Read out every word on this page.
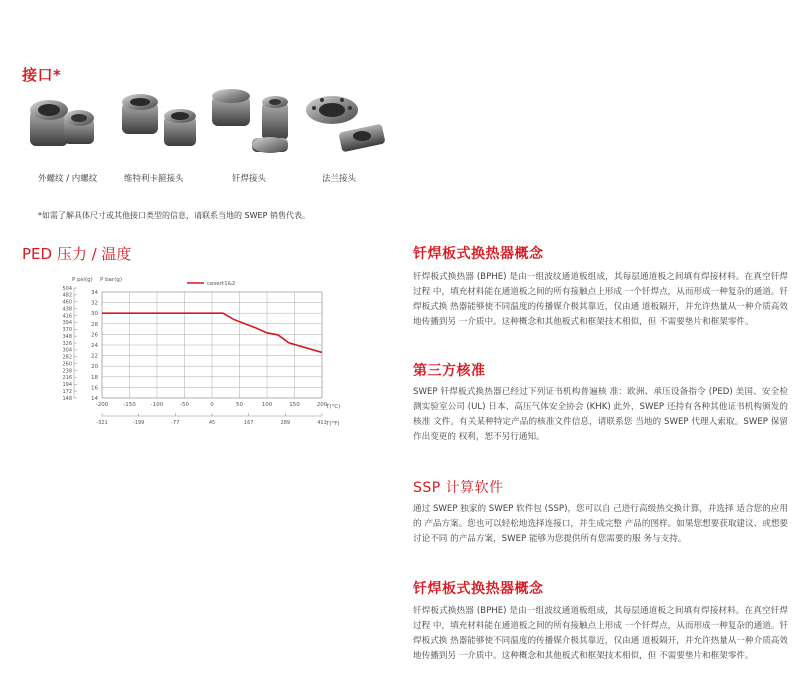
接口*
外螺纹 / 内螺纹	维特利卡箍接头	钎焊接头	法兰接头
*如需了解具体尺寸或其他接口类型的信息，请联系当地的 SWEP 销售代表。
PED 压力 / 温度
P psi(g) P bar(g)
T(°C)
T(°F)
-200	-150	-100	-50	0	50	100	150	200
34
32
30
28
26
24
22
20
18
16
14
-321	-199	-77	45	167	289	411
504
482
460
438
416
394
370
348
326
304
282
260
238
216
194
172
148
cesert1&2
钎焊板式换热器概念

钎焊板式换热器 (BPHE) 是由一组波纹通道板组成，其每层通道板之间填有焊接材料。在真空钎焊过程 中，填充材料能在通道板之间的所有接触点上形成 一个钎焊点，从而形成一种复杂的通道。钎焊板式换 热器能够使不同温度的传播媒介极其靠近，仅由通 道板隔开，并允许热量从一种介质高效地传播到另 一介质中。这种概念和其他板式和框架技术相似，但 不需要垫片和框架零件。

第三方核准

SWEP 钎焊板式换热器已经过下列证书机构普遍核 准：欧洲、承压设备指令 (PED) 美国、安全检测实验室公司 (UL) 日本、高压气体安全协会 (KHK) 此外，SWEP 还持有各种其他证书机构颁发的核准 文件。有关某种特定产品的核准文件信息，请联系您 当地的 SWEP 代理人索取。SWEP 保留作出变更的 权利，恕不另行通知。

SSP 计算软件

通过 SWEP 独家的 SWEP 软件包 (SSP)，您可以自 己进行高级热交换计算，并选择 适合您的应用的 产品方案。您也可以轻松地选择连接口，并生成完整 产品的图样。如果您想要获取建议、或想要讨论不同 的产品方案，SWEP 能够为您提供所有您需要的服 务与支持。

钎焊板式换热器概念

钎焊板式换热器 (BPHE) 是由一组波纹通道板组成，其每层通道板之间填有焊接材料。在真空钎焊过程 中，填充材料能在通道板之间的所有接触点上形成 一个钎焊点，从而形成一种复杂的通道。钎焊板式换 热器能够使不同温度的传播媒介极其靠近，仅由通 道板隔开，并允许热量从一种介质高效地传播到另 一介质中。这种概念和其他板式和框架技术相似，但 不需要垫片和框架零件。
